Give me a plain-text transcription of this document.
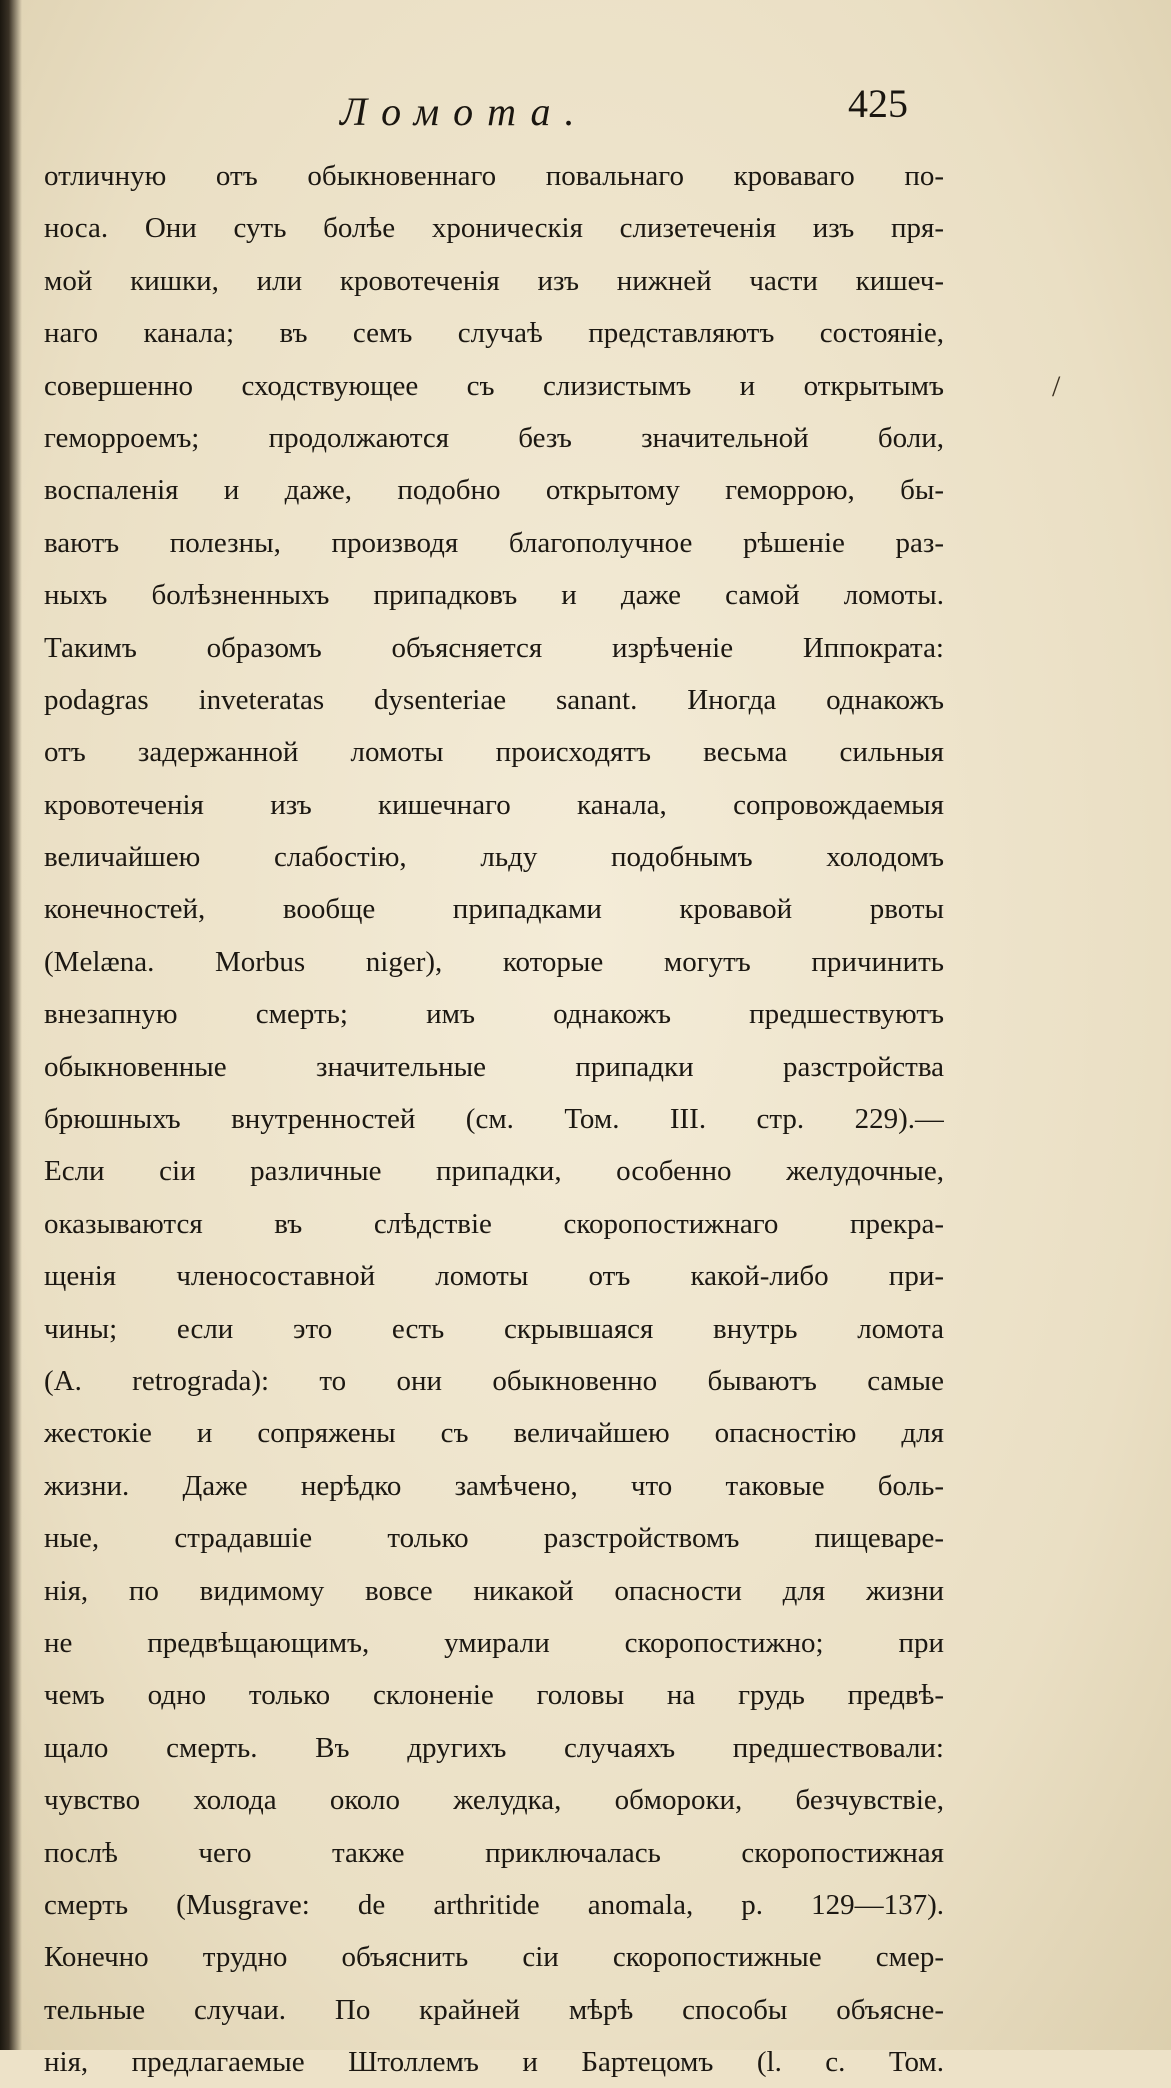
Ломота.	425
/
отличную отъ обыкновеннаго повальнаго кроваваго по-
носа. Они суть болѣе хроническія слизетеченія изъ пря-
мой кишки, или кровотеченія изъ нижней части кишеч-
наго канала; въ семъ случаѣ представляютъ состояніе,
совершенно сходствующее съ слизистымъ и открытымъ
геморроемъ; продолжаются безъ значительной боли,
воспаленія и даже, подобно открытому геморрою, бы-
ваютъ полезны, производя благополучное рѣшеніе раз-
ныхъ болѣзненныхъ припадковъ и даже самой ломоты.
Такимъ образомъ объясняется изрѣченіе Иппократа:
podagras inveteratas dysenteriae sanant. Иногда однакожъ
отъ задержанной ломоты происходятъ весьма сильныя
кровотеченія изъ кишечнаго канала, сопровождаемыя
величайшею слабостію, льду подобнымъ холодомъ
конечностей, вообще припадками кровавой рвоты
(Melæna. Morbus niger), которые могутъ причинить
внезапную смерть; имъ однакожъ предшествуютъ
обыкновенные значительные припадки разстройства
брюшныхъ внутренностей (см. Том. III. стр. 229).—
Если сіи различные припадки, особенно желудочные,
оказываются въ слѣдствіе скоропостижнаго прекра-
щенія членосоставной ломоты отъ какой-либо при-
чины; если это есть скрывшаяся внутрь ломота
(A. retrograda): то они обыкновенно бываютъ самые
жестокіе и сопряжены съ величайшею опасностію для
жизни. Даже нерѣдко замѣчено, что таковые боль-
ные, страдавшіе только разстройствомъ пищеваре-
нія, по видимому вовсе никакой опасности для жизни
не предвѣщающимъ, умирали скоропостижно; при
чемъ одно только склоненіе головы на грудь предвѣ-
щало смерть. Въ другихъ случаяхъ предшествовали:
чувство холода около желудка, обмороки, безчувствіе,
послѣ чего также приключалась скоропостижная
смерть (Musgrave: de arthritide anomala, p. 129—137).
Конечно трудно объяснить сіи скоропостижные смер-
тельные случаи. По крайней мѣрѣ способы объясне-
нія, предлагаемые Штоллемъ и Бартецомъ (l. c. Том.
